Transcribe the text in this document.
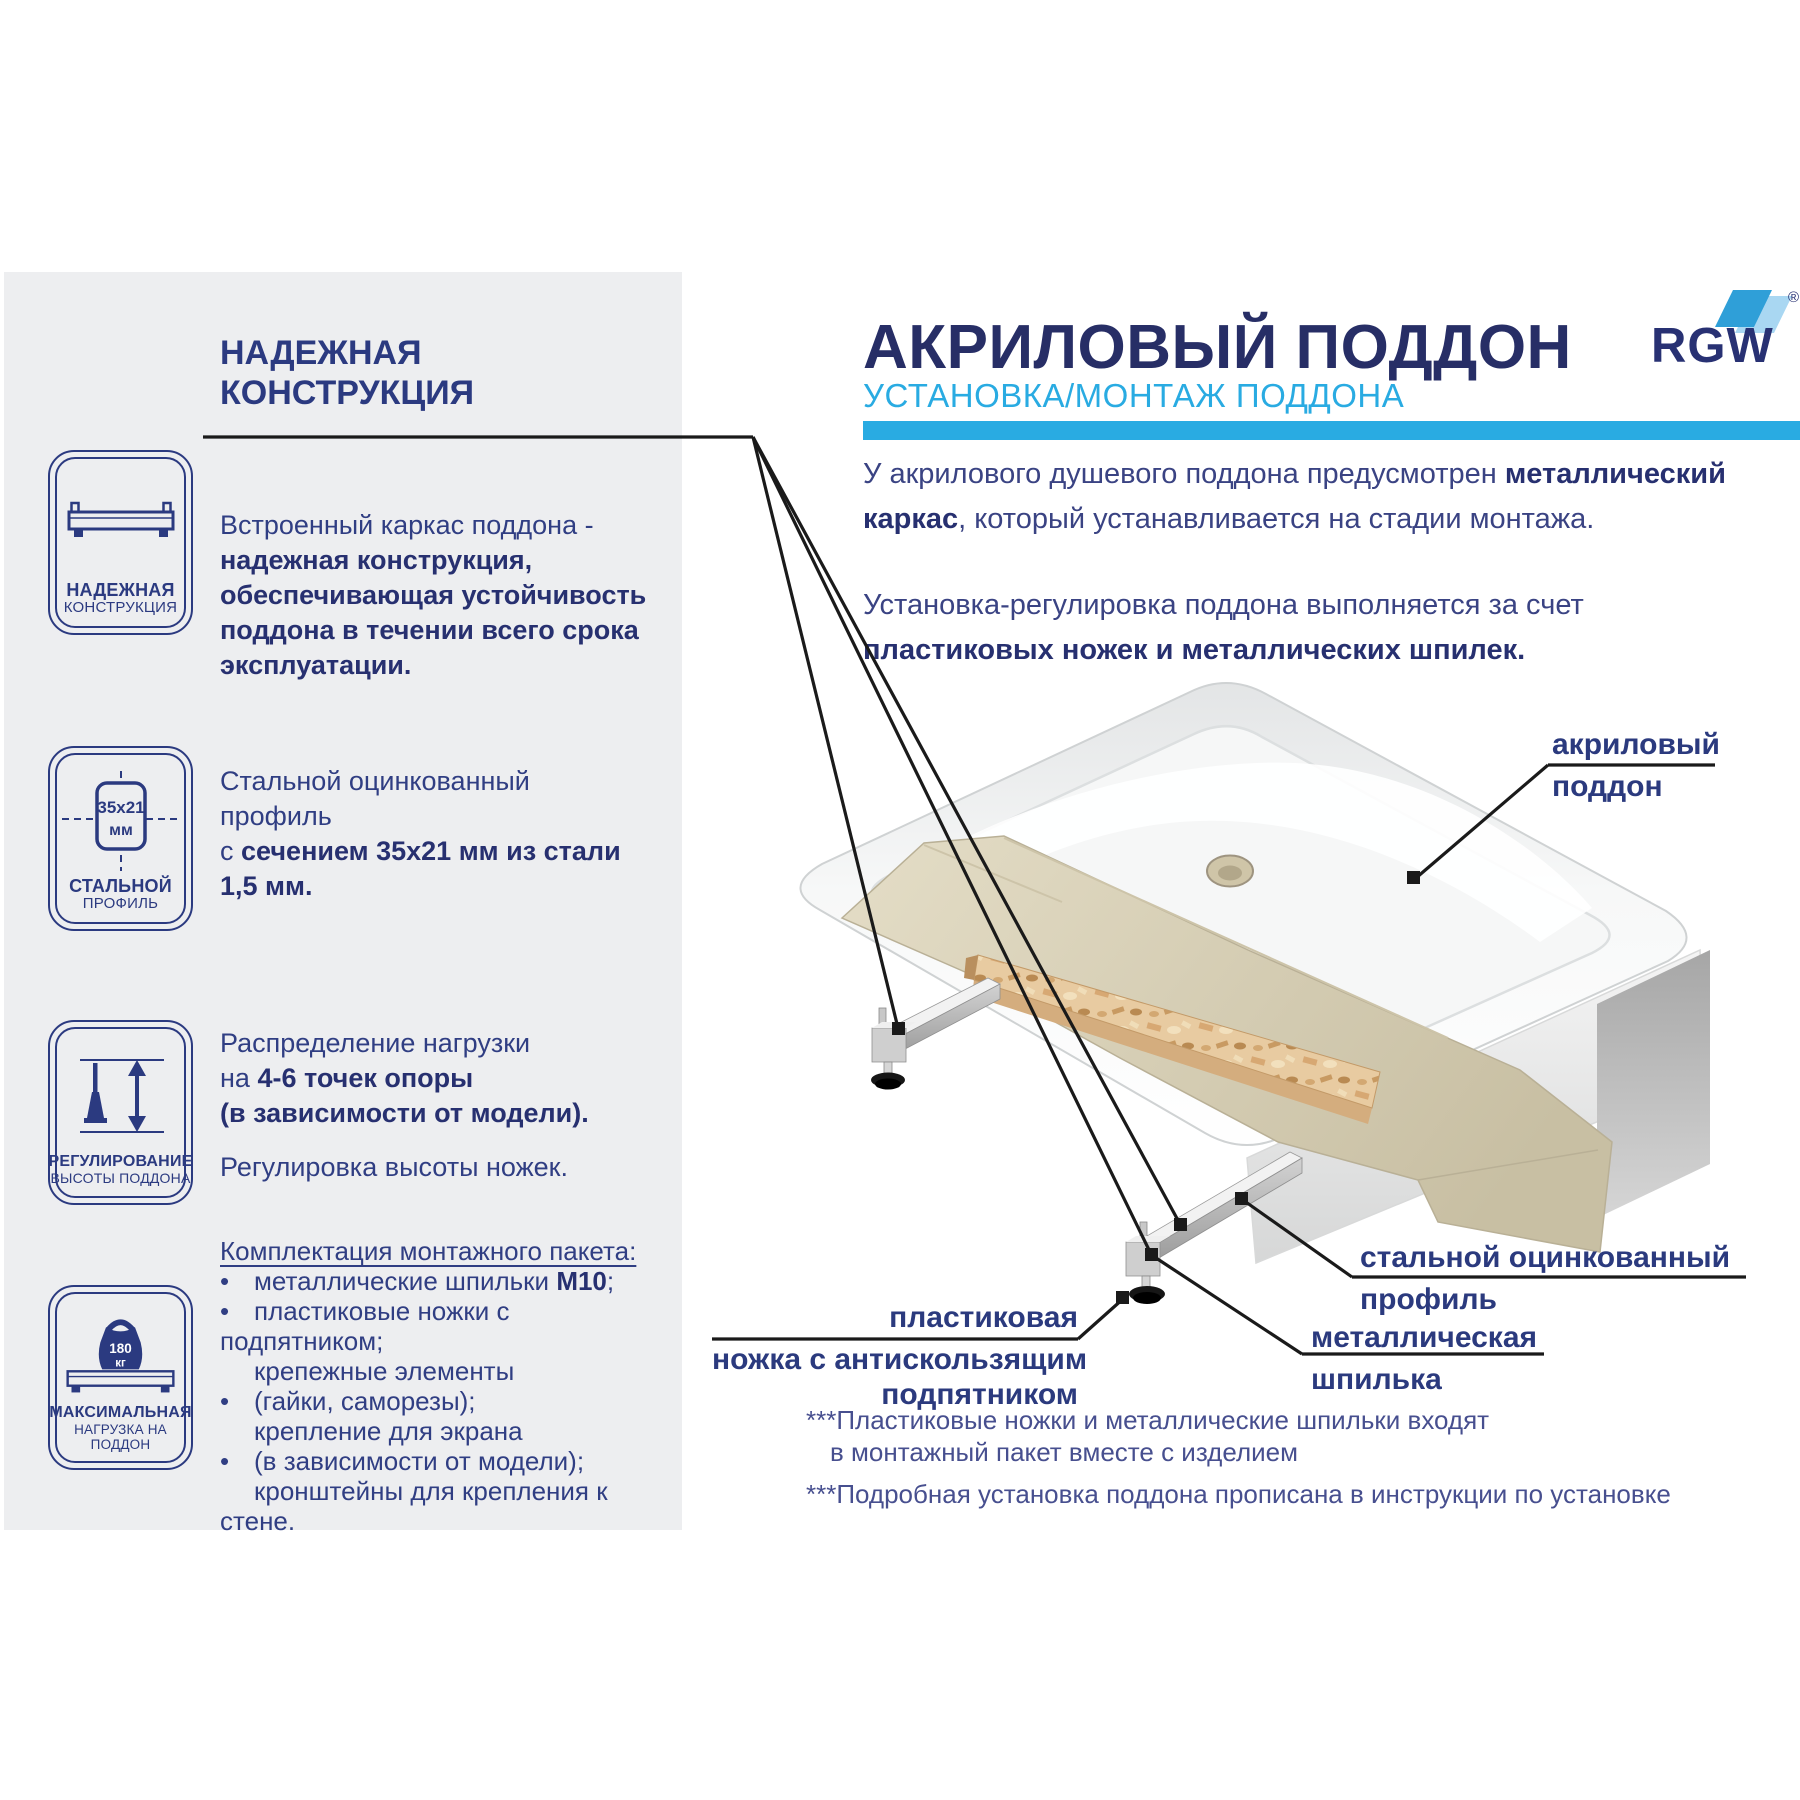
НАДЕЖНАЯ
КОНСТРУКЦИЯ
НАДЕЖНАЯ
КОНСТРУКЦИЯ
Встроенный каркас поддона -
надежная конструкция,
обеспечивающая устойчивость
поддона в течении всего срока
эксплуатации.
35х21
мм
СТАЛЬНОЙ
ПРОФИЛЬ
Стальной оцинкованный
профиль
с сечением 35х21 мм из стали
1,5 мм.
РЕГУЛИРОВАНИЕ
ВЫСОТЫ ПОДДОНА
Распределение нагрузки
на 4-6 точек опоры
(в зависимости от модели).
Регулировка высоты ножек.
180
кг
МАКСИМАЛЬНАЯ
НАГРУЗКА НА ПОДДОН
Комплектация монтажного пакета:
• металлические шпильки М10;
• пластиковые ножки с
подпятником;
крепежные элементы
• (гайки, саморезы);
крепление для экрана
• (в зависимости от модели);
кронштейны для крепления к
стене.
АКРИЛОВЫЙ ПОДДОН
УСТАНОВКА/МОНТАЖ ПОДДОНА
У акрилового душевого поддона предусмотрен металлический
каркас, который устанавливается на стадии монтажа.
Установка-регулировка поддона выполняется за счет
пластиковых ножек и металлических шпилек.
RGW
®
акриловый
поддон
стальной оцинкованный
профиль
металлическая
шпилька
пластиковая
ножка с антискользящим
подпятником
***Пластиковые ножки и металлические шпильки входят
в монтажный пакет вместе с изделием
***Подробная установка поддона прописана в инструкции по установке
